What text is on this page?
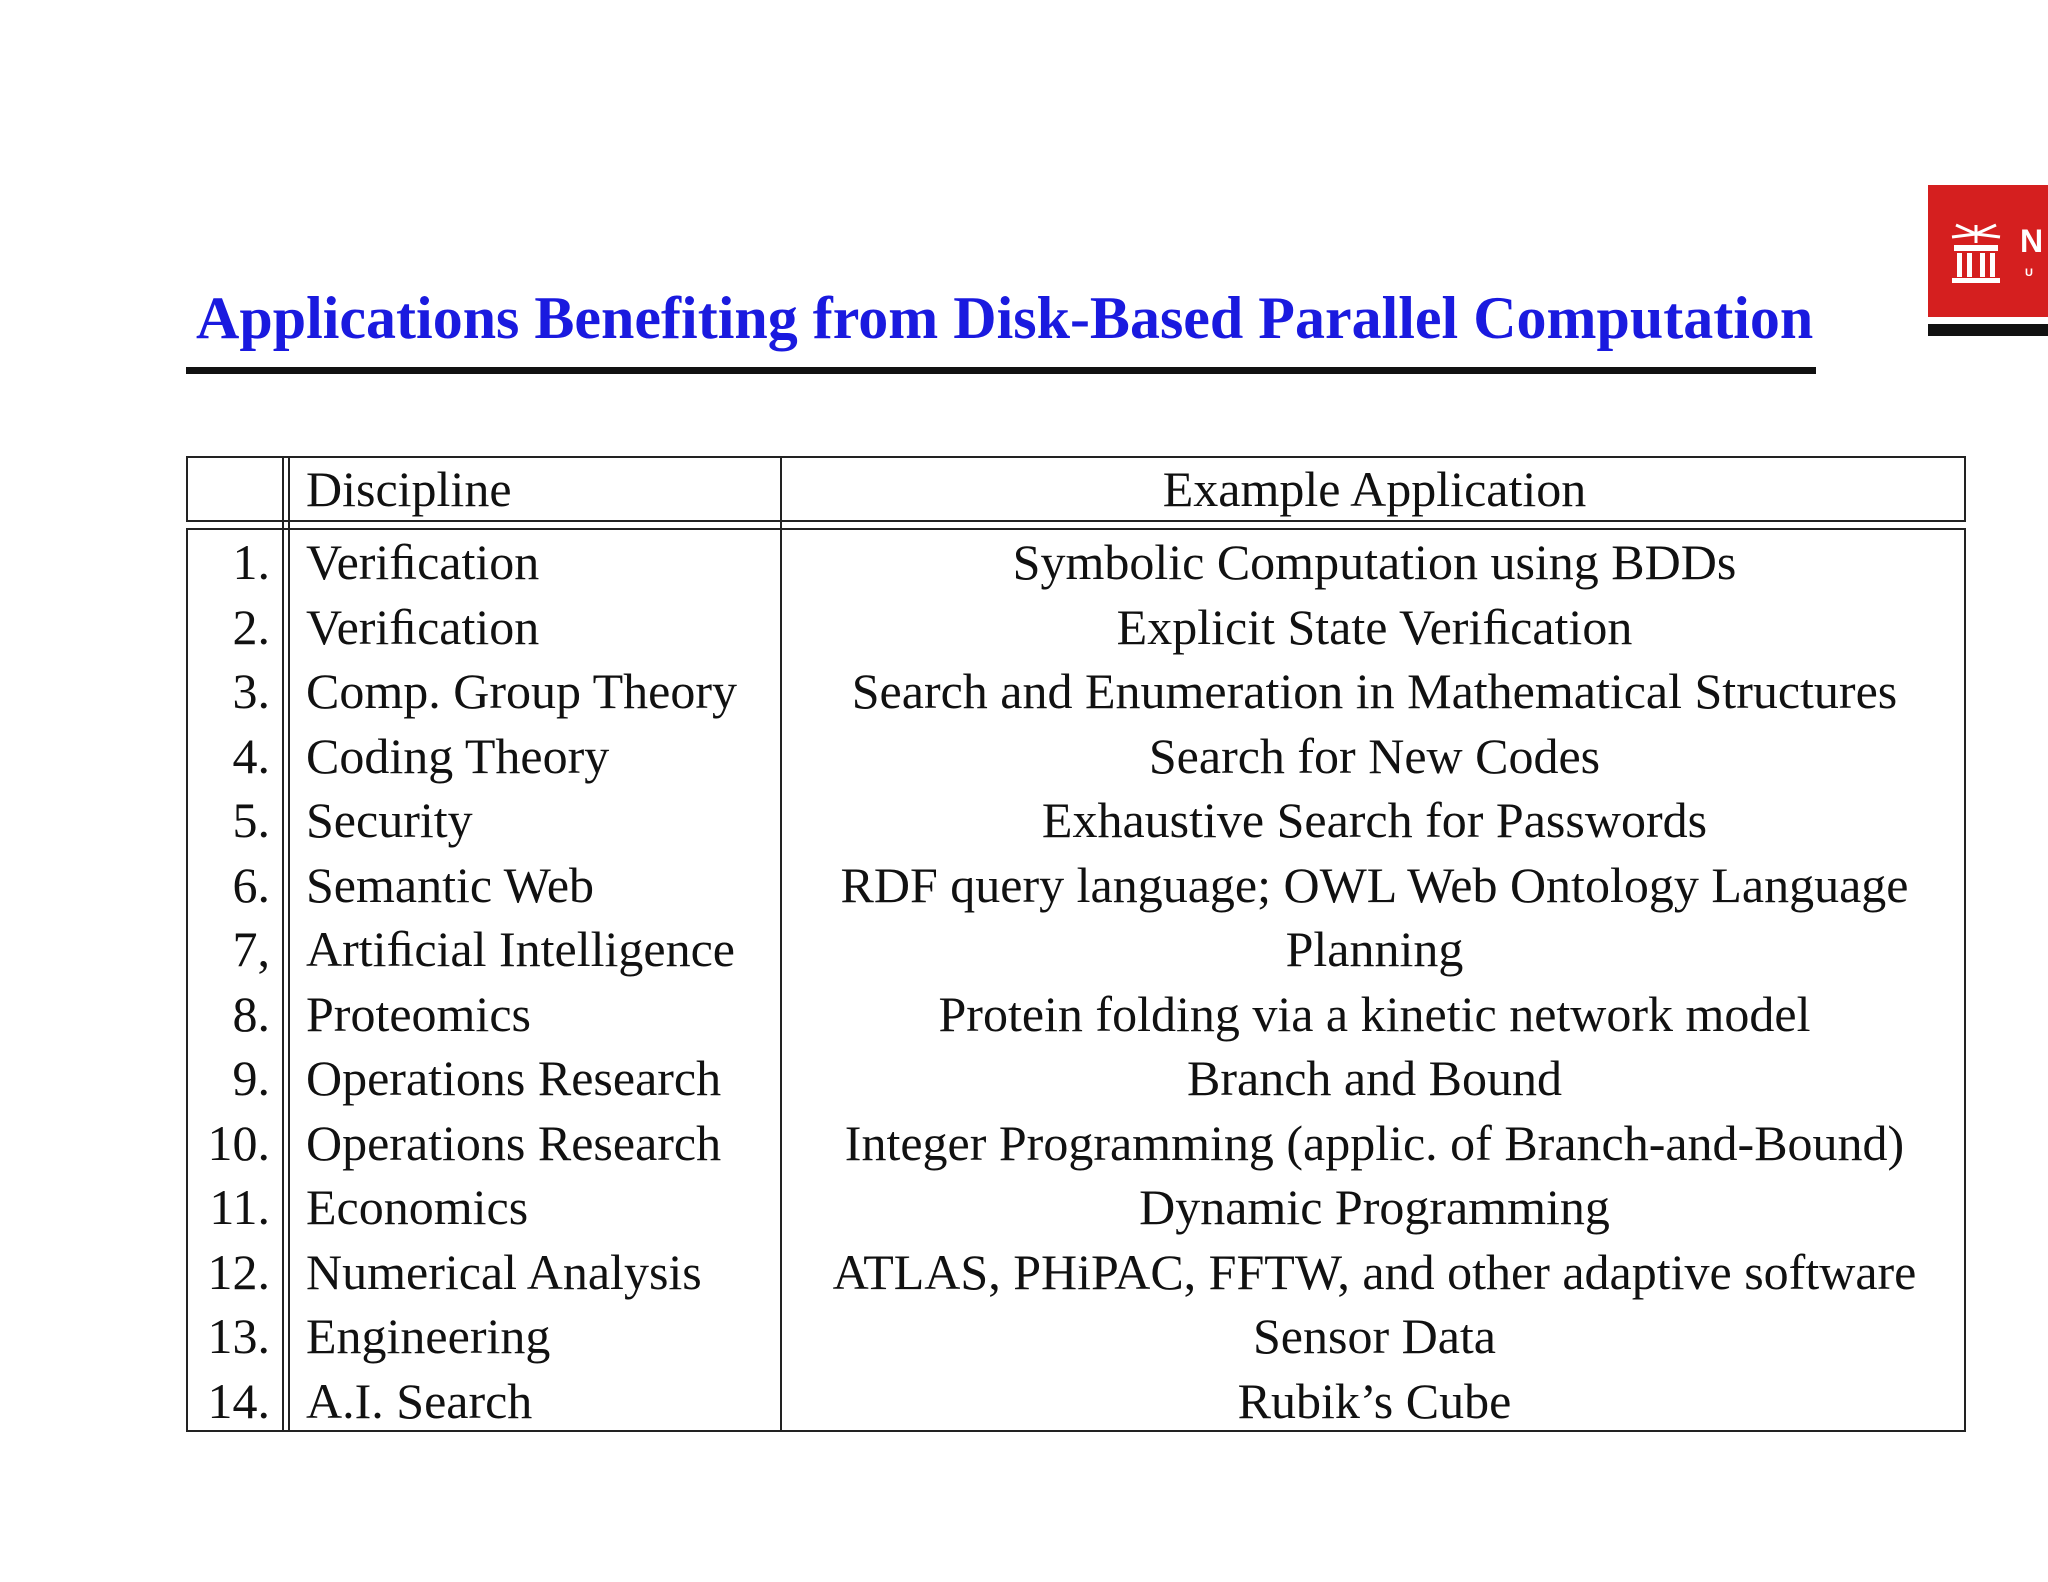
Applications Benefiting from Disk-Based Parallel Computation
N
U
Discipline	Example Application
1. Veriﬁcation	Symbolic Computation using BDDs
2. Veriﬁcation	Explicit State Veriﬁcation
3. Comp. Group Theory	Search and Enumeration in Mathematical Structures
4. Coding Theory	Search for New Codes
5. Security	Exhaustive Search for Passwords
6. Semantic Web	RDF query language; OWL Web Ontology Language
7, Artiﬁcial Intelligence	Planning
8. Proteomics	Protein folding via a kinetic network model
9. Operations Research	Branch and Bound
10. Operations Research	Integer Programming (applic. of Branch-and-Bound)
11. Economics	Dynamic Programming
12. Numerical Analysis	ATLAS, PHiPAC, FFTW, and other adaptive software
13. Engineering	Sensor Data
14. A.I. Search	Rubik’s Cube
